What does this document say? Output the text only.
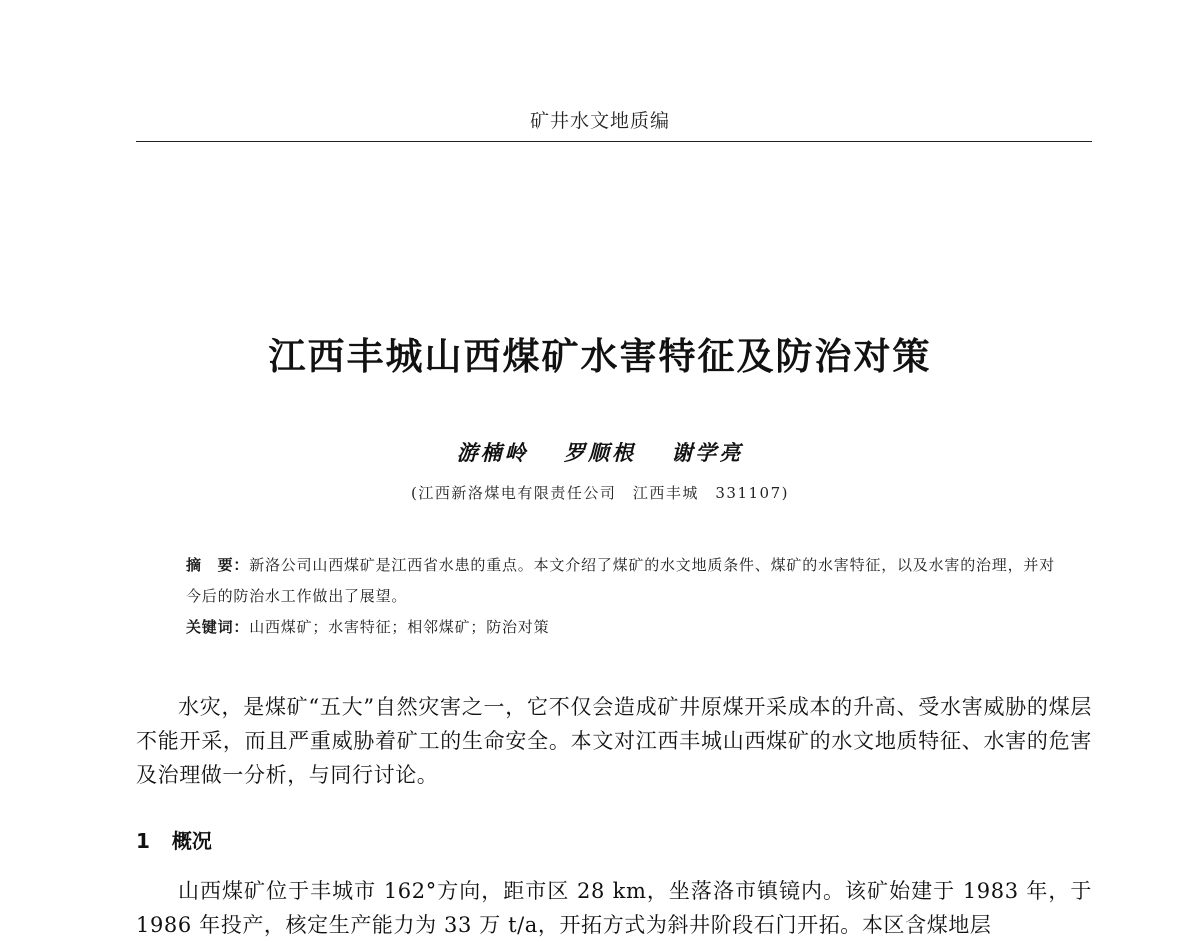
矿井水文地质编
江西丰城山西煤矿水害特征及防治对策
游楠岭 罗顺根 谢学亮
(江西新洛煤电有限责任公司　江西丰城　331107)

摘　要：新洛公司山西煤矿是江西省水患的重点。本文介绍了煤矿的水文地质条件、煤矿的水害特征，以及水害的治理，并对今后的防治水工作做出了展望。

关键词：山西煤矿；水害特征；相邻煤矿；防治对策

水灾，是煤矿“五大”自然灾害之一，它不仅会造成矿井原煤开采成本的升高、受水害威胁的煤层不能开采，而且严重威胁着矿工的生命安全。本文对江西丰城山西煤矿的水文地质特征、水害的危害及治理做一分析，与同行讨论。
1 概况
山西煤矿位于丰城市 162°方向，距市区 28 km，坐落洛市镇镜内。该矿始建于 1983 年，于 1986 年投产，核定生产能力为 33 万 t/a，开拓方式为斜井阶段石门开拓。本区含煤地层
